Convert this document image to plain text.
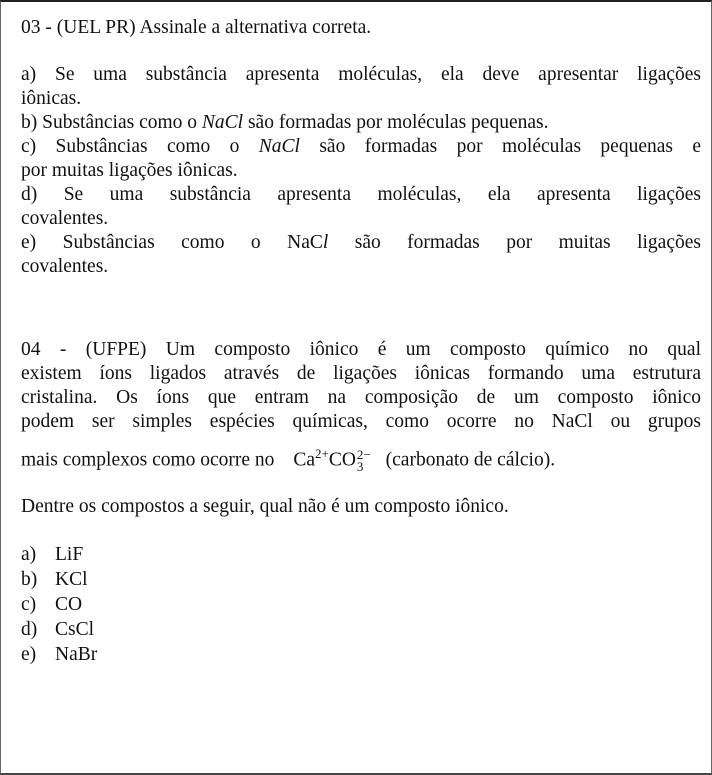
03 - (UEL PR) Assinale a alternativa correta.
a) Se uma substância apresenta moléculas, ela deve apresentar ligações
iônicas.
b) Substâncias como o NaCl são formadas por moléculas pequenas.
c) Substâncias como o NaCl são formadas por moléculas pequenas e
por muitas ligações iônicas.
d) Se uma substância apresenta moléculas, ela apresenta ligações
covalentes.
e) Substâncias como o NaCl são formadas por muitas ligações
covalentes.
04 - (UFPE) Um composto iônico é um composto químico no qual
existem íons ligados através de ligações iônicas formando uma estrutura
cristalina. Os íons que entram na composição de um composto iônico
podem ser simples espécies químicas, como ocorre no NaCl ou grupos
mais complexos como ocorre no $Ca^{2+}CO$ 2−
3	(carbonato de cálcio).
Dentre os compostos a seguir, qual não é um composto iônico.
a) LiF
b) KCl
c) CO
d) CsCl
e) NaBr
